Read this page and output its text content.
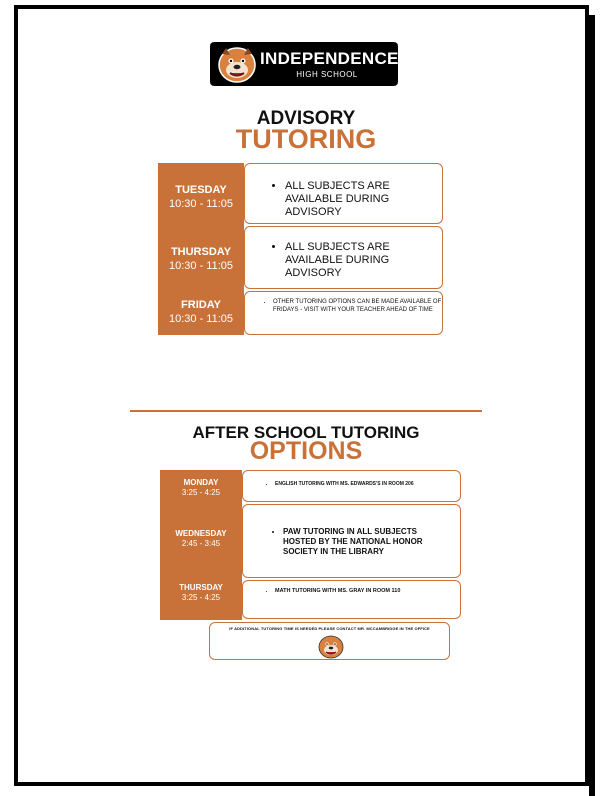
INDEPENDENCE
HIGH SCHOOL
ADVISORY
TUTORING
TUESDAY
10:30 - 11:05
• ALL SUBJECTS ARE AVAILABLE DURING ADVISORY
THURSDAY
10:30 - 11:05
• ALL SUBJECTS ARE AVAILABLE DURING ADVISORY
FRIDAY
10:30 - 11:05
• OTHER TUTORING OPTIONS CAN BE MADE AVAILABLE OF FRIDAYS - VISIT WITH YOUR TEACHER AHEAD OF TIME
AFTER SCHOOL TUTORING
OPTIONS
MONDAY
3:25 - 4:25
• ENGLISH TUTORING WITH MS. EDWARDS'S IN ROOM 206
WEDNESDAY
2:45 - 3:45
• PAW TUTORING IN ALL SUBJECTS HOSTED BY THE NATIONAL HONOR SOCIETY IN THE LIBRARY
THURSDAY
3:25 - 4:25
• MATH TUTORING WITH MS. GRAY IN ROOM 110
IF ADDITIONAL TUTORING TIME IS NEEDED PLEASE CONTACT MR. MCCAMBRIDGE IN THE OFFICE
